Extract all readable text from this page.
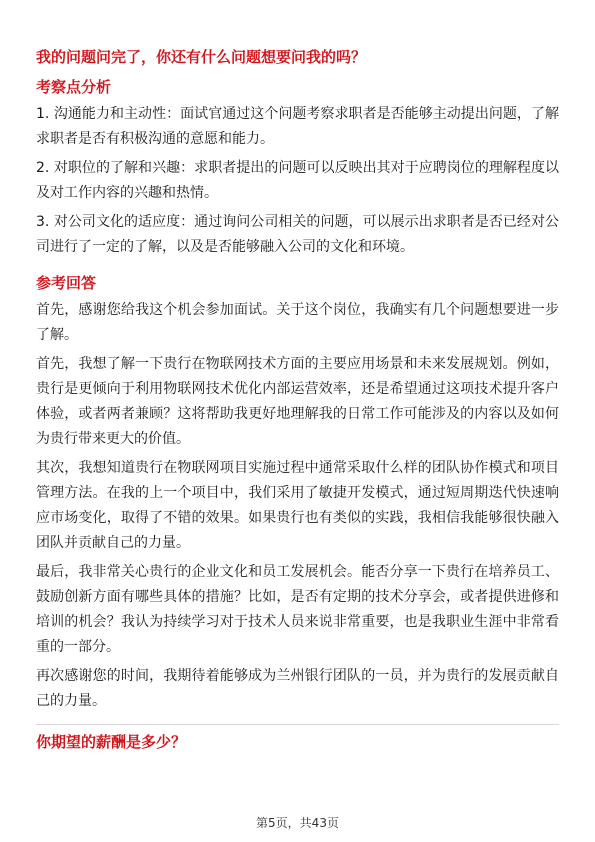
我的问题问完了，你还有什么问题想要问我的吗？
考察点分析
1. 沟通能力和主动性：面试官通过这个问题考察求职者是否能够主动提出问题，了解求职者是否有积极沟通的意愿和能力。
2. 对职位的了解和兴趣：求职者提出的问题可以反映出其对于应聘岗位的理解程度以及对工作内容的兴趣和热情。
3. 对公司文化的适应度：通过询问公司相关的问题，可以展示出求职者是否已经对公司进行了一定的了解，以及是否能够融入公司的文化和环境。
参考回答
首先，感谢您给我这个机会参加面试。关于这个岗位，我确实有几个问题想要进一步了解。
首先，我想了解一下贵行在物联网技术方面的主要应用场景和未来发展规划。例如，贵行是更倾向于利用物联网技术优化内部运营效率，还是希望通过这项技术提升客户体验，或者两者兼顾？这将帮助我更好地理解我的日常工作可能涉及的内容以及如何为贵行带来更大的价值。
其次，我想知道贵行在物联网项目实施过程中通常采取什么样的团队协作模式和项目管理方法。在我的上一个项目中，我们采用了敏捷开发模式，通过短周期迭代快速响应市场变化，取得了不错的效果。如果贵行也有类似的实践，我相信我能够很快融入团队并贡献自己的力量。
最后，我非常关心贵行的企业文化和员工发展机会。能否分享一下贵行在培养员工、鼓励创新方面有哪些具体的措施？比如，是否有定期的技术分享会，或者提供进修和培训的机会？我认为持续学习对于技术人员来说非常重要，也是我职业生涯中非常看重的一部分。
再次感谢您的时间，我期待着能够成为兰州银行团队的一员，并为贵行的发展贡献自己的力量。
你期望的薪酬是多少？
第5页，共43页
